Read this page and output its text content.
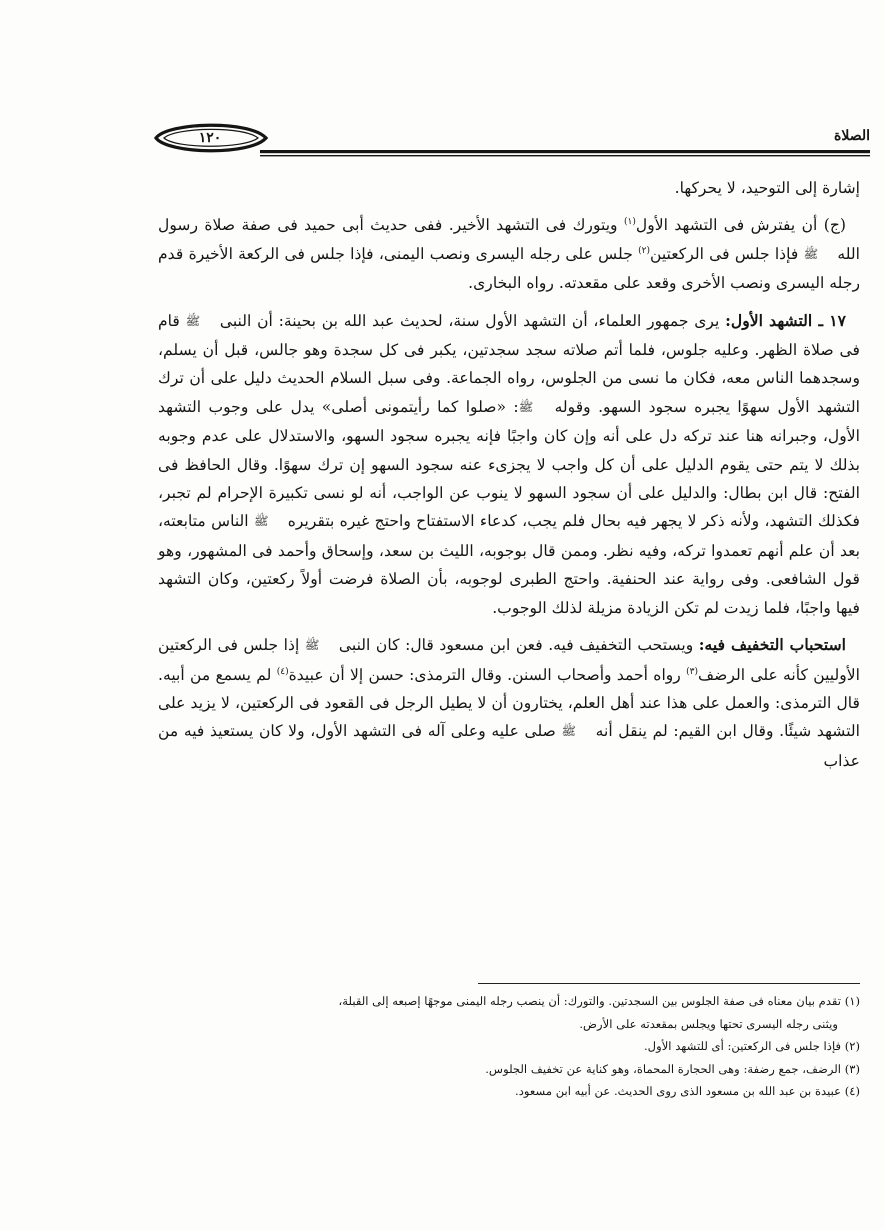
١٢٠	الصلاة

إشارة إلى التوحيد، لا يحركها.

(ج) أن يفترش فى التشهد الأول$^{(١)}$ ويتورك فى التشهد الأخير. ففى حديث أبى حميد فى صفة صلاة رسول الله ﷺ فإذا جلس فى الركعتين$^{(٢)}$ جلس على رجله اليسرى ونصب اليمنى، فإذا جلس فى الركعة الأخيرة قدم رجله اليسرى ونصب الأخرى وقعد على مقعدته. رواه البخارى.

١٧ ـ التشهد الأول: يرى جمهور العلماء، أن التشهد الأول سنة، لحديث عبد الله بن بحينة: أن النبى ﷺ قام فى صلاة الظهر. وعليه جلوس، فلما أتم صلاته سجد سجدتين، يكبر فى كل سجدة وهو جالس، قبل أن يسلم، وسجدهما الناس معه، فكان ما نسى من الجلوس، رواه الجماعة. وفى سبل السلام الحديث دليل على أن ترك التشهد الأول سهوًا يجبره سجود السهو. وقوله ﷺ: «صلوا كما رأيتمونى أصلى» يدل على وجوب التشهد الأول، وجبرانه هنا عند تركه دل على أنه وإن كان واجبًا فإنه يجبره سجود السهو، والاستدلال على عدم وجوبه بذلك لا يتم حتى يقوم الدليل على أن كل واجب لا يجزىء عنه سجود السهو إن ترك سهوًا. وقال الحافظ فى الفتح: قال ابن بطال: والدليل على أن سجود السهو لا ينوب عن الواجب، أنه لو نسى تكبيرة الإحرام لم تجبر، فكذلك التشهد، ولأنه ذكر لا يجهر فيه بحال فلم يجب، كدعاء الاستفتاح واحتج غيره بتقريره ﷺ الناس متابعته، بعد أن علم أنهم تعمدوا تركه، وفيه نظر. وممن قال بوجوبه، الليث بن سعد، وإسحاق وأحمد فى المشهور، وهو قول الشافعى. وفى رواية عند الحنفية. واحتج الطبرى لوجوبه، بأن الصلاة فرضت أولاً ركعتين، وكان التشهد فيها واجبًا، فلما زيدت لم تكن الزيادة مزيلة لذلك الوجوب.

استحباب التخفيف فيه: ويستحب التخفيف فيه. فعن ابن مسعود قال: كان النبى ﷺ إذا جلس فى الركعتين الأوليين كأنه على الرضف$^{(٣)}$ رواه أحمد وأصحاب السنن. وقال الترمذى: حسن إلا أن عبيدة$^{(٤)}$ لم يسمع من أبيه. قال الترمذى: والعمل على هذا عند أهل العلم، يختارون أن لا يطيل الرجل فى القعود فى الركعتين، لا يزيد على التشهد شيئًا. وقال ابن القيم: لم ينقل أنه ﷺ صلى عليه وعلى آله فى التشهد الأول، ولا كان يستعيذ فيه من عذاب

(١) تقدم بيان معناه فى صفة الجلوس بين السجدتين. والتورك: أن ينصب رجله اليمنى موجهًا إصبعه إلى القبلة،

ويثنى رجله اليسرى تحتها ويجلس بمقعدته على الأرض.

(٢) فإذا جلس فى الركعتين: أى للتشهد الأول.

(٣) الرضف، جمع رضفة: وهى الحجارة المحماة، وهو كناية عن تخفيف الجلوس.

(٤) عبيدة بن عبد الله بن مسعود الذى روى الحديث. عن أبيه ابن مسعود.
